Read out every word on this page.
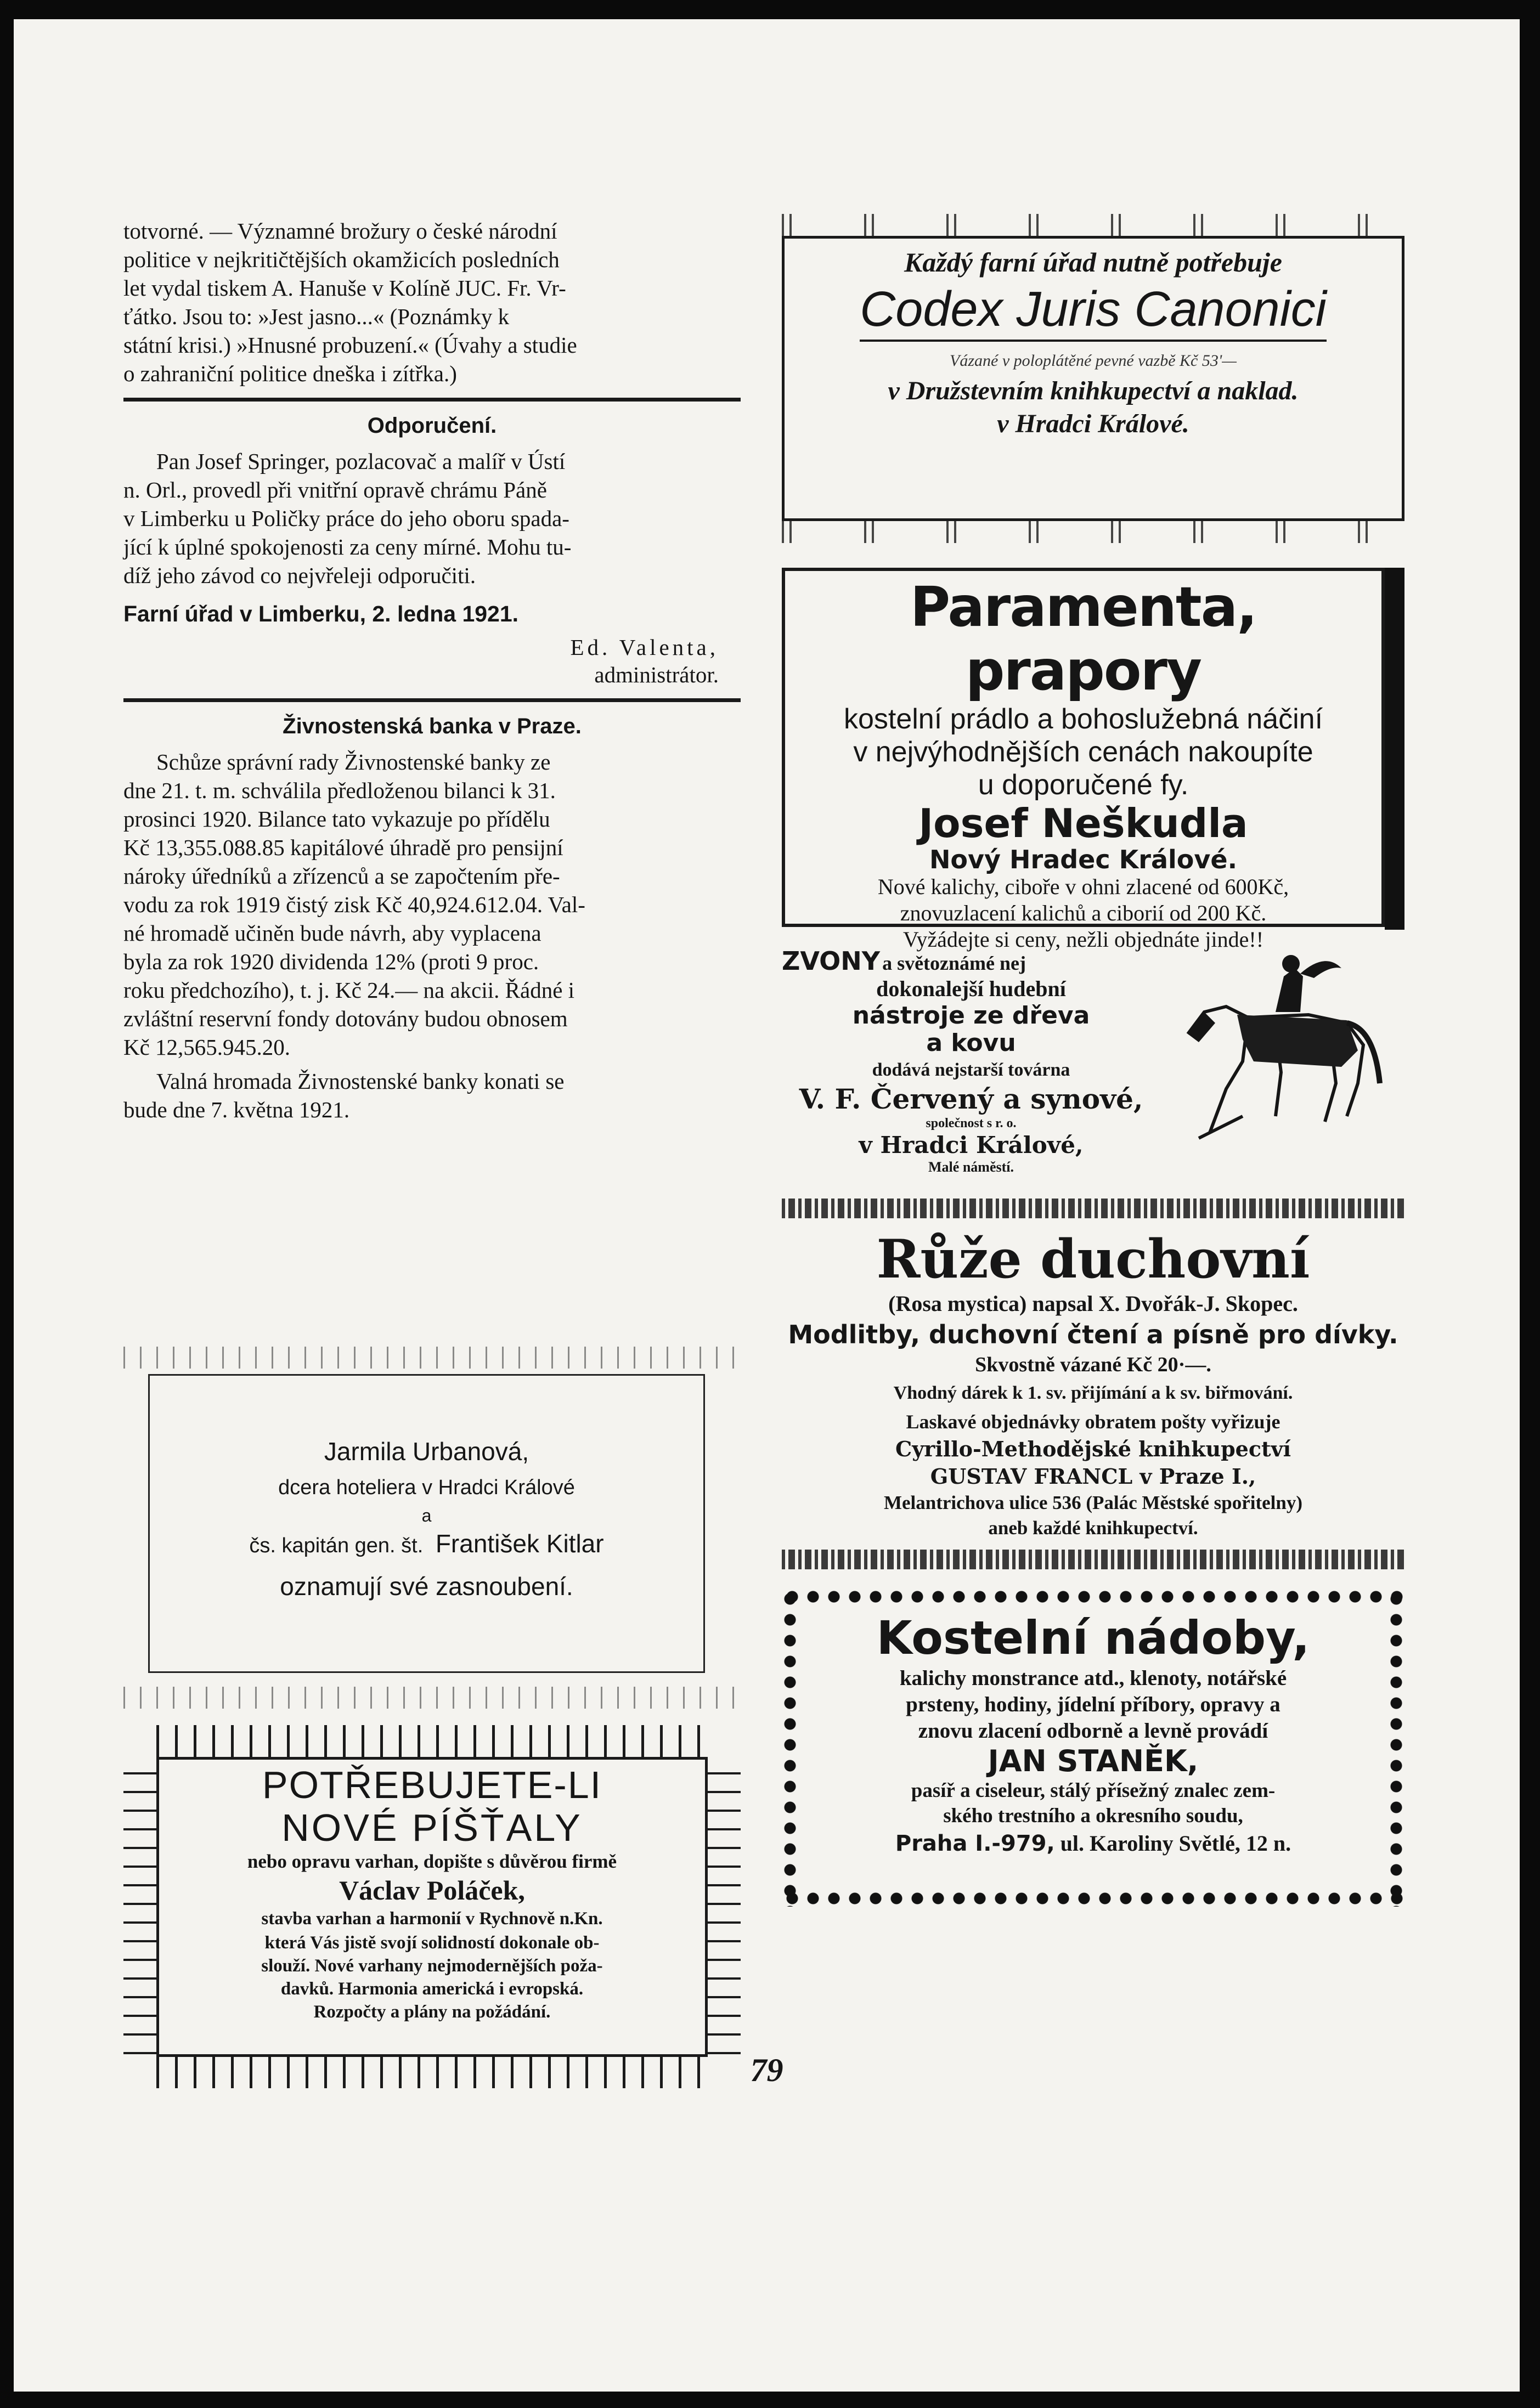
totvorné. — Významné brožury o české národní

politice v nejkritičtějších okamžicích posledních

let vydal tiskem A. Hanuše v Kolíně JUC. Fr. Vr-

ťátko. Jsou to: »Jest jasno...« (Poznámky k

státní krisi.) »Hnusné probuzení.« (Úvahy a studie

o zahraniční politice dneška i zítřka.)

Odporučení.

Pan Josef Springer, pozlacovač a malíř v Ústí

n. Orl., provedl při vnitřní opravě chrámu Páně

v Limberku u Poličky práce do jeho oboru spada-

jící k úplné spokojenosti za ceny mírné. Mohu tu-

díž jeho závod co nejvřeleji odporučiti.

Farní úřad v Limberku, 2. ledna 1921.

Ed. Valenta,
administrátor.
Živnostenská banka v Praze.

Schůze správní rady Živnostenské banky ze

dne 21. t. m. schválila předloženou bilanci k 31.

prosinci 1920. Bilance tato vykazuje po přídělu

Kč 13,355.088.85 kapitálové úhradě pro pensijní

nároky úředníků a zřízenců a se započtením pře-

vodu za rok 1919 čistý zisk Kč 40,924.612.04. Val-

né hromadě učiněn bude návrh, aby vyplacena

byla za rok 1920 dividenda 12% (proti 9 proc.

roku předchozího), t. j. Kč 24.— na akcii. Řádné i

zvláštní reservní fondy dotovány budou obnosem

Kč 12,565.945.20.

Valná hromada Živnostenské banky konati se

bude dne 7. května 1921.

Jarmila Urbanová,
dcera hoteliera v Hradci Králové
a
čs. kapitán gen. št. František Kitlar
oznamují své zasnoubení.
POTŘEBUJETE-LI
NOVÉ PÍŠŤALY
nebo opravu varhan, dopište s důvěrou firmě
Václav Poláček,
stavba varhan a harmonií v Rychnově n.Kn.
která Vás jistě svojí solidností dokonale ob-
slouží. Nové varhany nejmodernějších poža-
davků. Harmonia americká i evropská.
Rozpočty a plány na požádání.
Každý farní úřad nutně potřebuje
Codex Juris Canonici
Vázané v poloplátěné pevné vazbě Kč 53'—
v Družstevním knihkupectví a naklad.
v Hradci Králové.
Paramenta, prapory
kostelní prádlo a bohoslužebná náčiní
v nejvýhodnějších cenách nakoupíte
u doporučené fy.
Josef Neškudla
Nový Hradec Králové.
Nové kalichy, ciboře v ohni zlacené od 600Kč,
znovuzlacení kalichů a ciborií od 200 Kč.
Vyžádejte si ceny, nežli objednáte jinde!!
ZVONY a světoznámé nej
dokonalejší hudební
nástroje ze dřeva
a kovu
dodává nejstarší továrna
V. F. Červený a synové,
společnost s r. o.
v Hradci Králové,
Malé náměstí.
Růže duchovní
(Rosa mystica) napsal X. Dvořák-J. Skopec.
Modlitby, duchovní čtení a písně pro dívky.
Skvostně vázané Kč 20·—.
Vhodný dárek k 1. sv. přijímání a k sv. biřmování.
Laskavé objednávky obratem pošty vyřizuje
Cyrillo-Methodějské knihkupectví
GUSTAV FRANCL v Praze I.,
Melantrichova ulice 536 (Palác Městské spořitelny)
aneb každé knihkupectví.
Kostelní nádoby,
kalichy monstrance atd., klenoty, notářské
prsteny, hodiny, jídelní příbory, opravy a
znovu zlacení odborně a levně provádí
JAN STANĚK,
pasíř a ciseleur, stálý přísežný znalec zem-
ského trestního a okresního soudu,
Praha I.-979, ul. Karoliny Světlé, 12 n.
79
